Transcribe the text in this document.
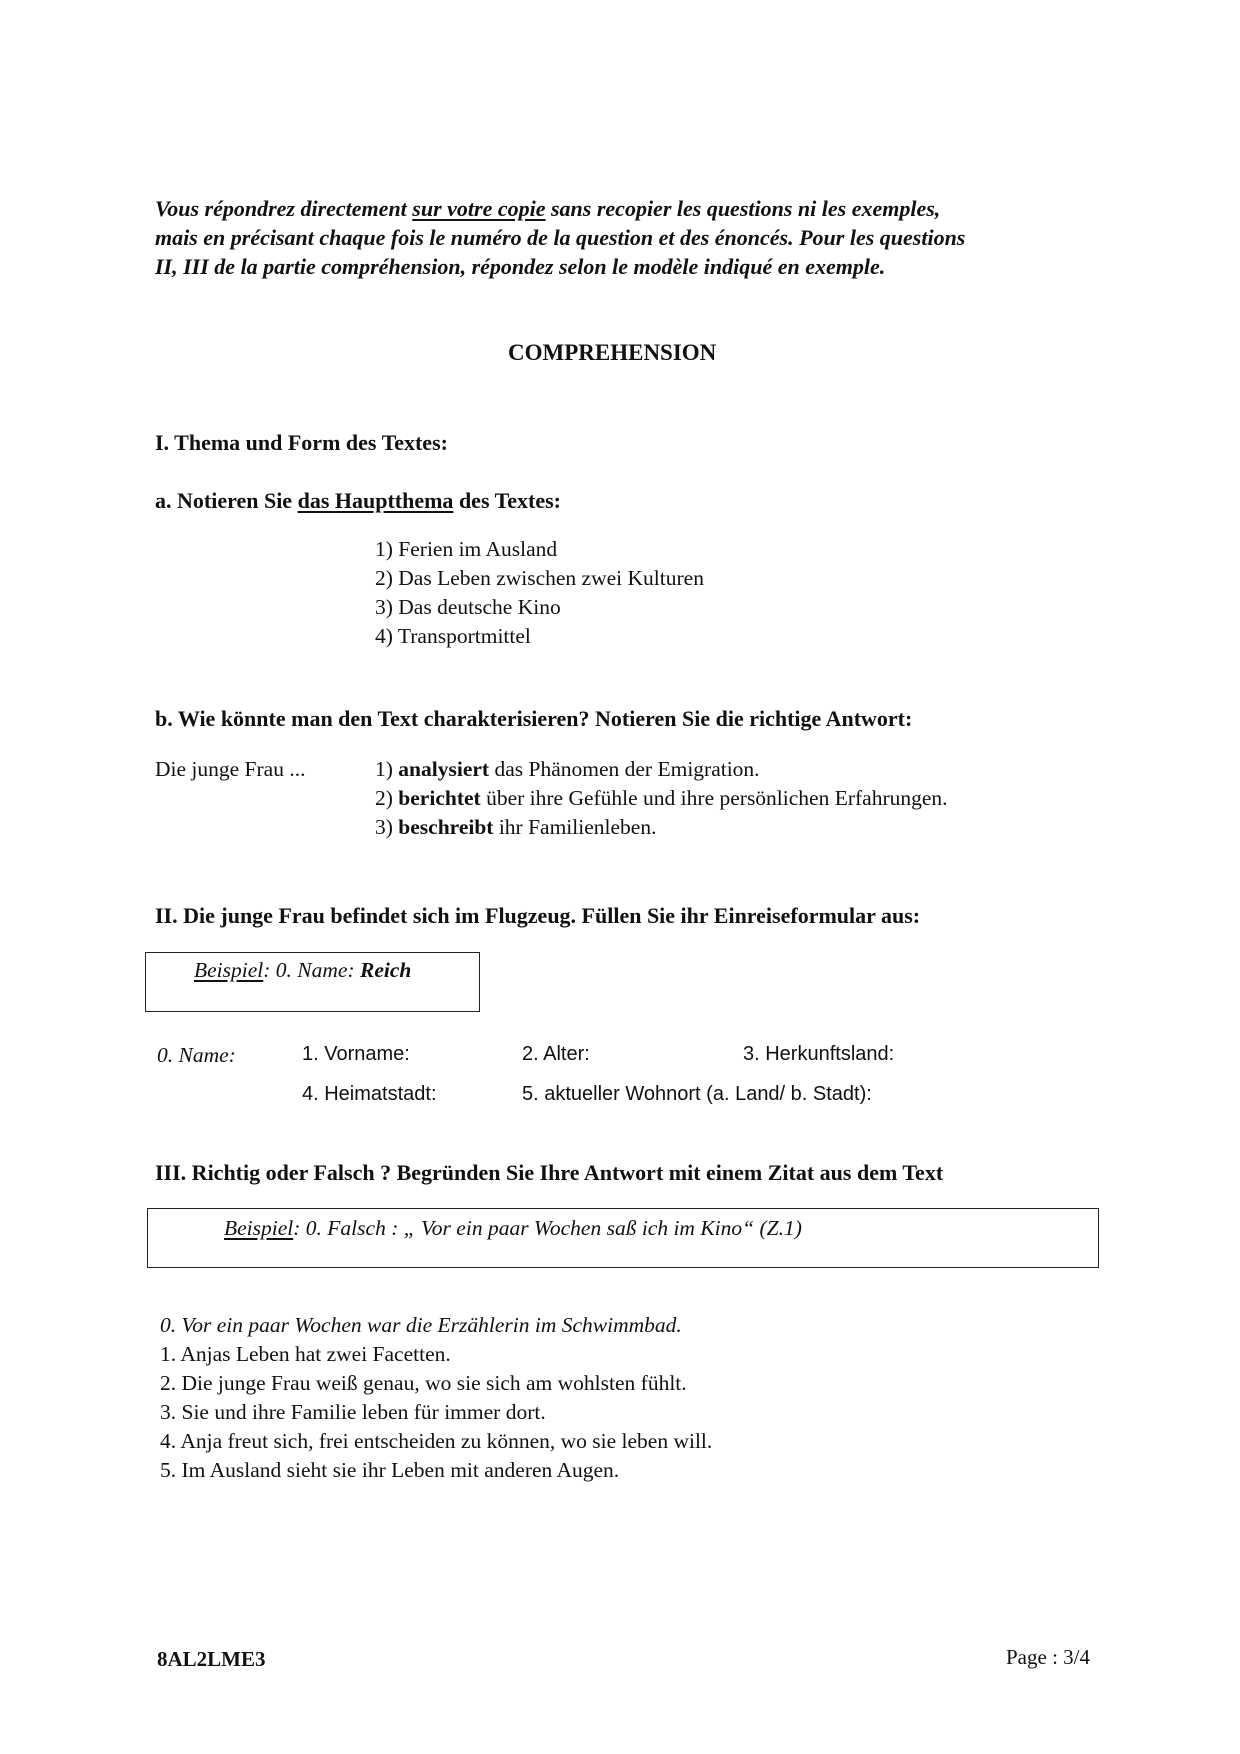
Vous répondrez directement sur votre copie sans recopier les questions ni les exemples,
mais en précisant chaque fois le numéro de la question et des énoncés. Pour les questions
II, III de la partie compréhension, répondez selon le modèle indiqué en exemple.
COMPREHENSION
I. Thema und Form des Textes:
a. Notieren Sie das Hauptthema des Textes:
1) Ferien im Ausland
2) Das Leben zwischen zwei Kulturen
3) Das deutsche Kino
4) Transportmittel
b. Wie könnte man den Text charakterisieren? Notieren Sie die richtige Antwort:
Die junge Frau ...	1) analysiert das Phänomen der Emigration.
2) berichtet über ihre Gefühle und ihre persönlichen Erfahrungen.
3) beschreibt ihr Familienleben.
II. Die junge Frau befindet sich im Flugzeug. Füllen Sie ihr Einreiseformular aus:
Beispiel: 0. Name: Reich
0. Name:	1. Vorname:	2. Alter:	3. Herkunftsland:
4. Heimatstadt:	5. aktueller Wohnort (a. Land/ b. Stadt):
III. Richtig oder Falsch ? Begründen Sie Ihre Antwort mit einem Zitat aus dem Text
Beispiel: 0. Falsch : „ Vor ein paar Wochen saß ich im Kino“ (Z.1)
0. Vor ein paar Wochen war die Erzählerin im Schwimmbad.
1. Anjas Leben hat zwei Facetten.
2. Die junge Frau weiß genau, wo sie sich am wohlsten fühlt.
3. Sie und ihre Familie leben für immer dort.
4. Anja freut sich, frei entscheiden zu können, wo sie leben will.
5. Im Ausland sieht sie ihr Leben mit anderen Augen.
8AL2LME3	Page : 3/4
